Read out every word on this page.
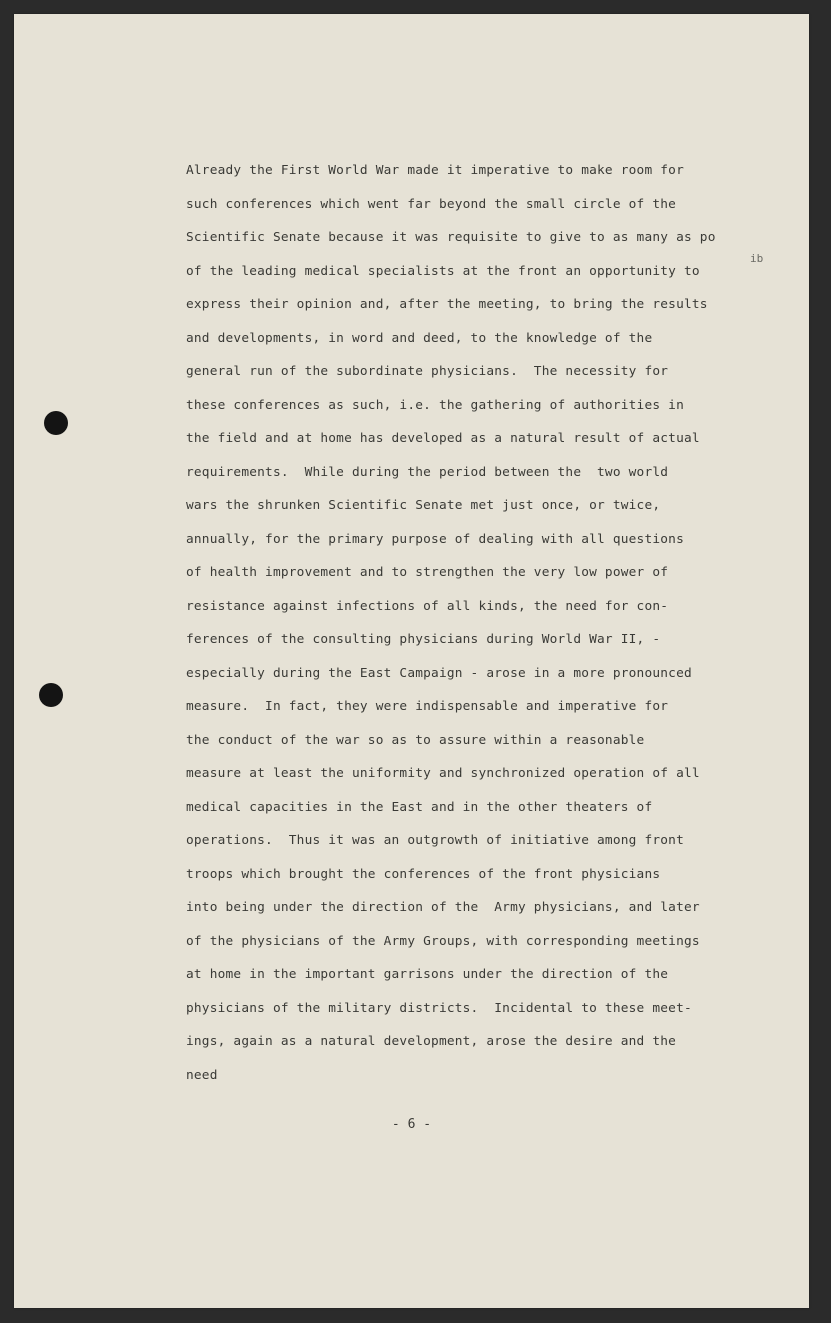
Already the First World War made it imperative to make room for
such conferences which went far beyond the small circle of the
Scientific Senate because it was requisite to give to as many as po
of the leading medical specialists at the front an opportunity to
express their opinion and, after the meeting, to bring the results
and developments, in word and deed, to the knowledge of the
general run of the subordinate physicians.  The necessity for
these conferences as such, i.e. the gathering of authorities in
the field and at home has developed as a natural result of actual
requirements.  While during the period between the  two world
wars the shrunken Scientific Senate met just once, or twice,
annually, for the primary purpose of dealing with all questions
of health improvement and to strengthen the very low power of
resistance against infections of all kinds, the need for con-
ferences of the consulting physicians during World War II, -
especially during the East Campaign - arose in a more pronounced
measure.  In fact, they were indispensable and imperative for
the conduct of the war so as to assure within a reasonable
measure at least the uniformity and synchronized operation of all
medical capacities in the East and in the other theaters of
operations.  Thus it was an outgrowth of initiative among front
troops which brought the conferences of the front physicians
into being under the direction of the  Army physicians, and later
of the physicians of the Army Groups, with corresponding meetings
at home in the important garrisons under the direction of the
physicians of the military districts.  Incidental to these meet-
ings, again as a natural development, arose the desire and the
need
ib
- 6 -
